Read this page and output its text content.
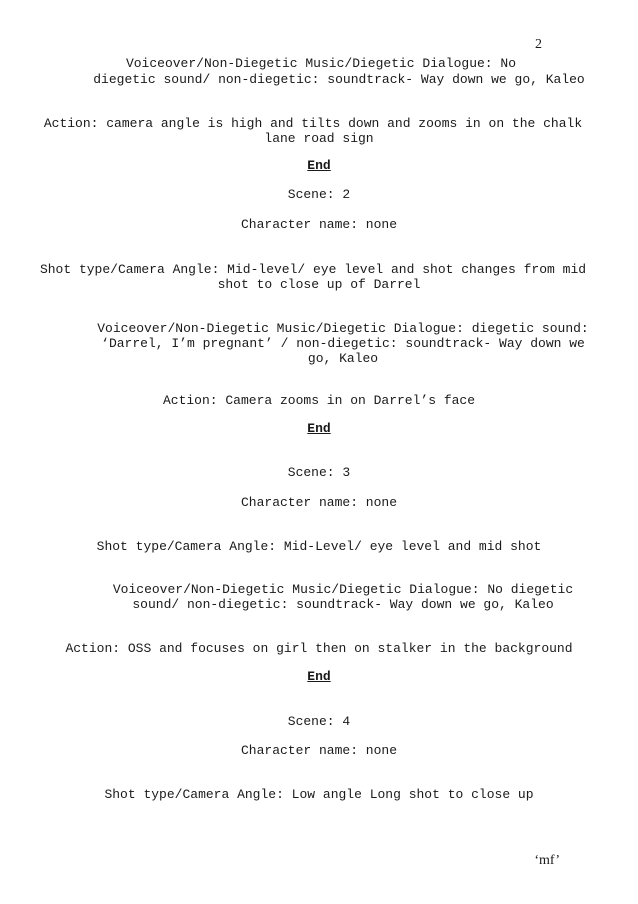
2
Voiceover/Non-Diegetic Music/Diegetic Dialogue: No
diegetic sound/ non-diegetic: soundtrack- Way down we go, Kaleo
Action: camera angle is high and tilts down and zooms in on the chalk
lane road sign
End
Scene: 2
Character name: none
Shot type/Camera Angle: Mid-level/ eye level and shot changes from mid
shot to close up of Darrel
Voiceover/Non-Diegetic Music/Diegetic Dialogue: diegetic sound:
‘Darrel, I’m pregnant’ / non-diegetic: soundtrack- Way down we
go, Kaleo
Action: Camera zooms in on Darrel’s face
End
Scene: 3
Character name: none
Shot type/Camera Angle: Mid-Level/ eye level and mid shot
Voiceover/Non-Diegetic Music/Diegetic Dialogue: No diegetic
sound/ non-diegetic: soundtrack- Way down we go, Kaleo
Action: OSS and focuses on girl then on stalker in the background
End
Scene: 4
Character name: none
Shot type/Camera Angle: Low angle Long shot to close up
‘mf’
